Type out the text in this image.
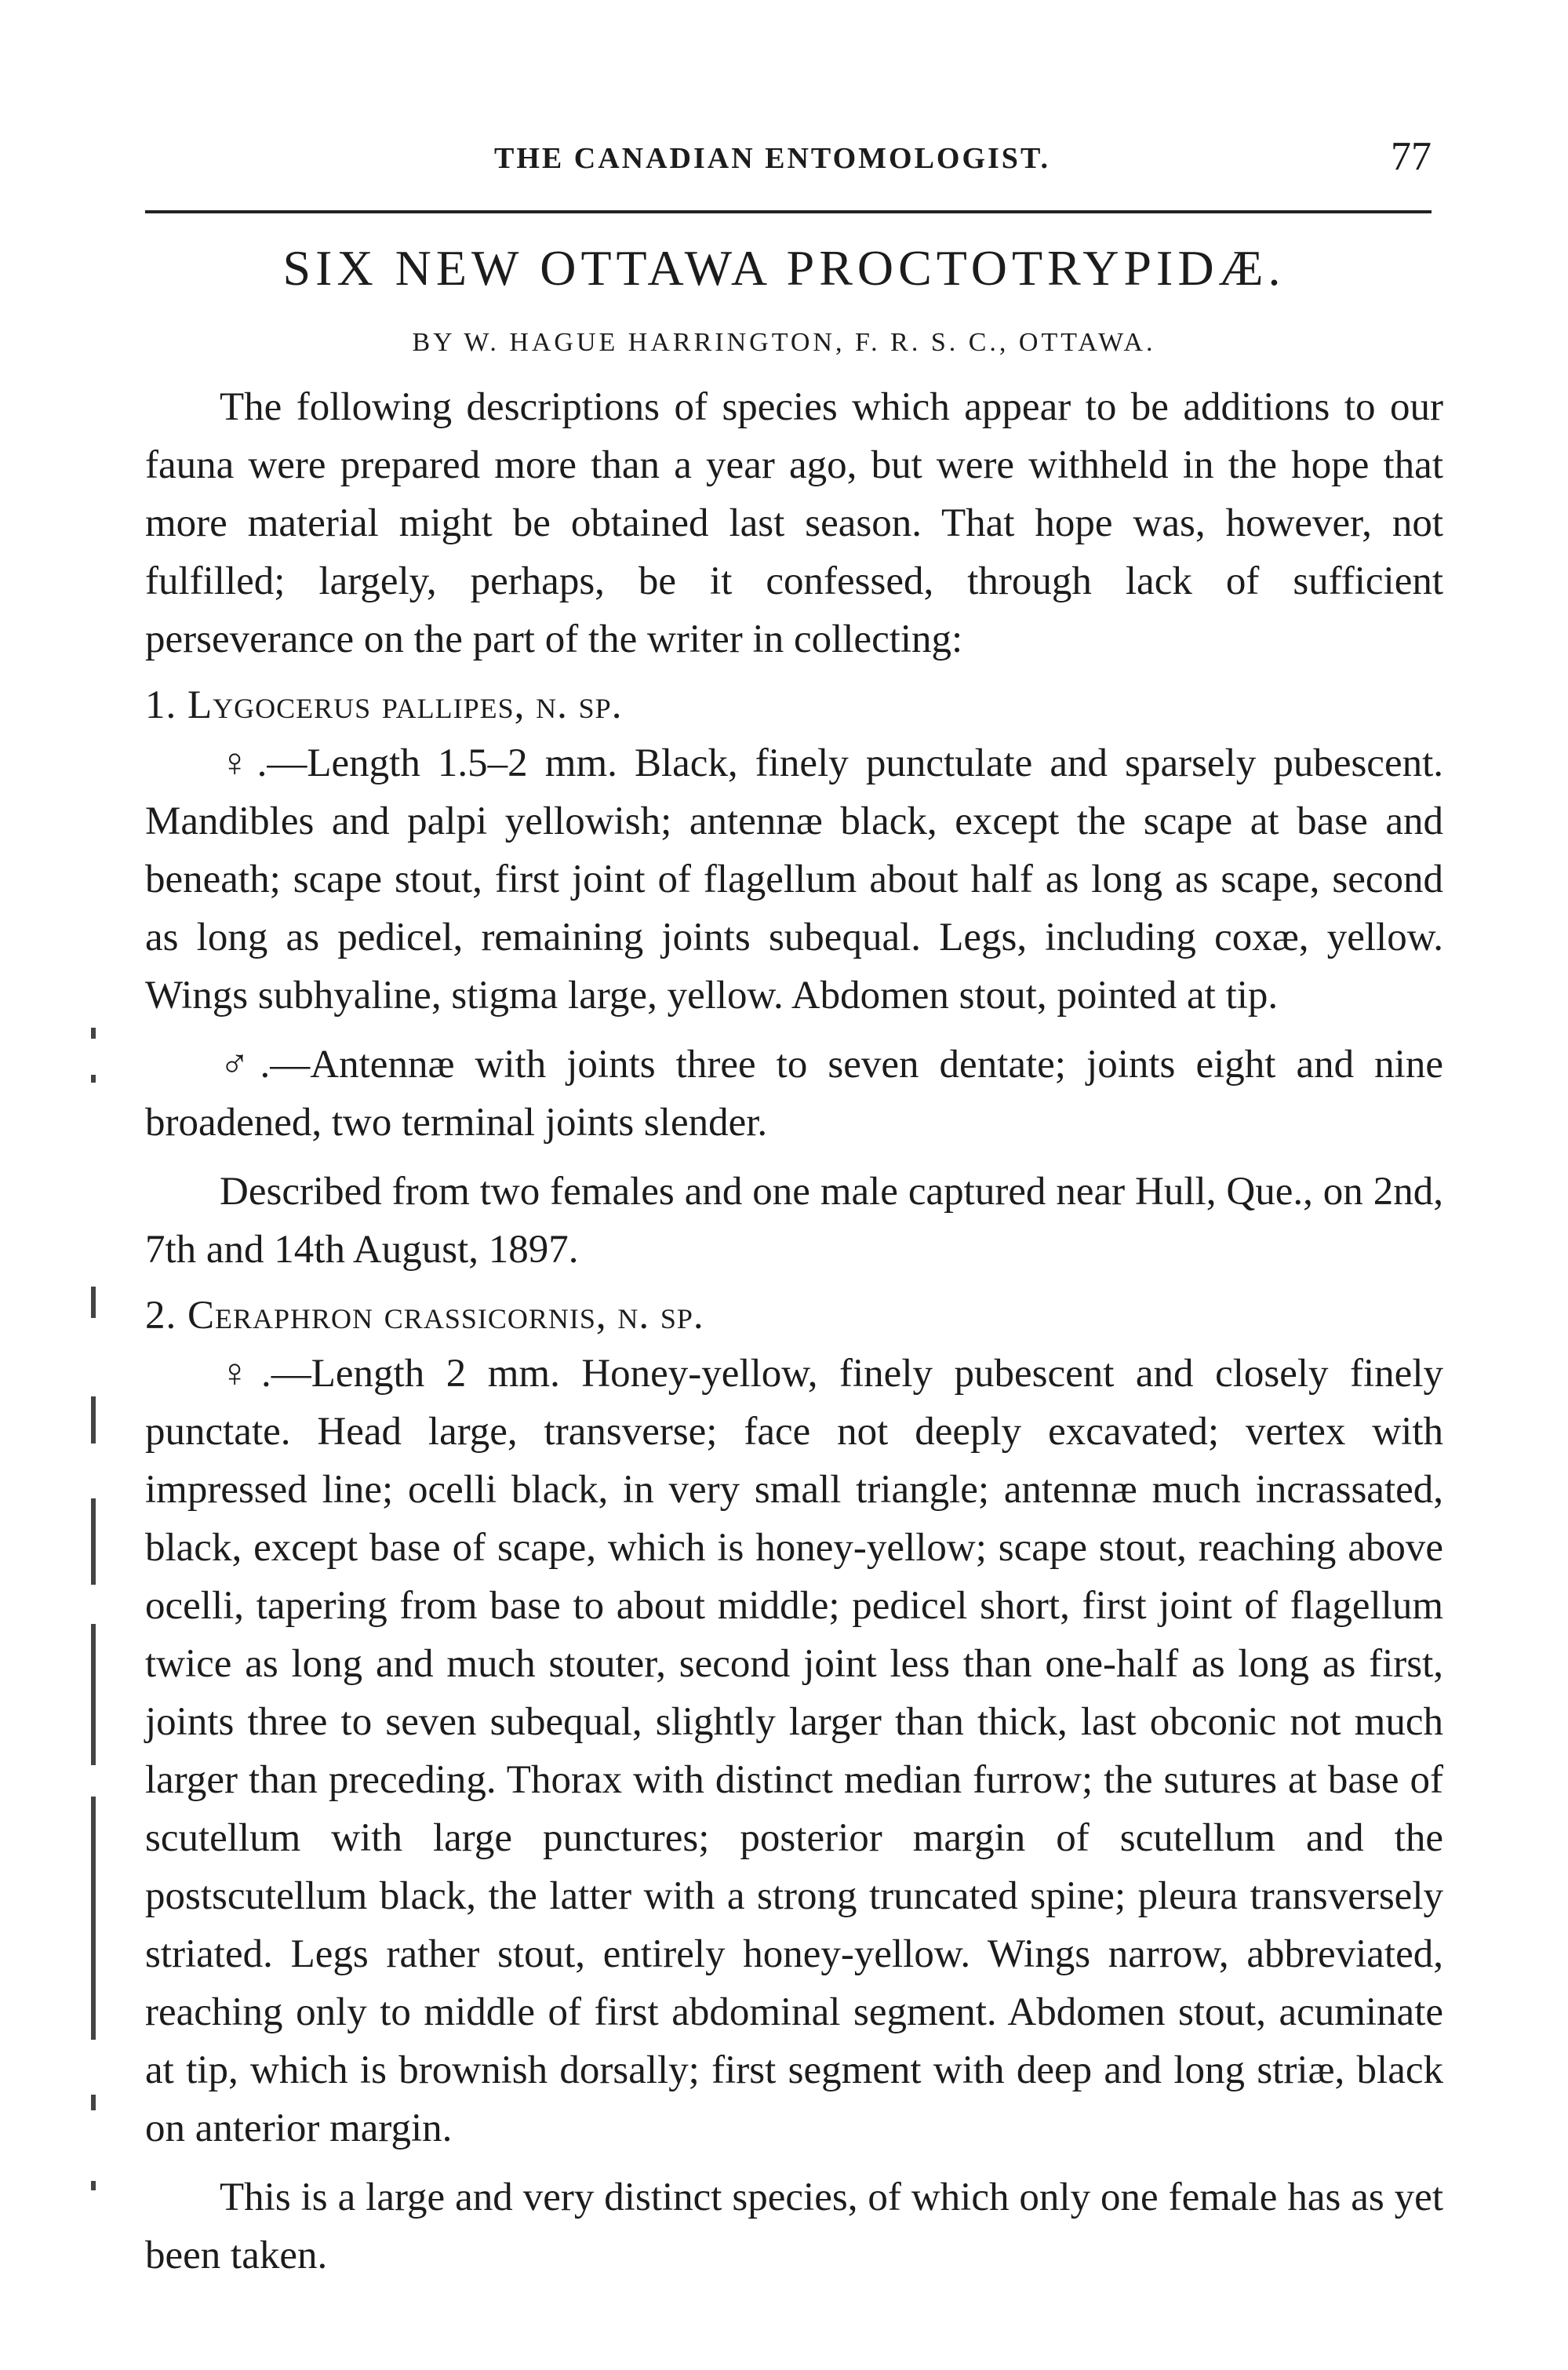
THE CANADIAN ENTOMOLOGIST.	77
SIX NEW OTTAWA PROCTOTRYPIDÆ.
BY W. HAGUE HARRINGTON, F. R. S. C., OTTAWA.

The following descriptions of species which appear to be additions to our fauna were prepared more than a year ago, but were withheld in the hope that more material might be obtained last season. That hope was, however, not fulfilled; largely, perhaps, be it confessed, through lack of sufficient perseverance on the part of the writer in collecting:

1. Lygocerus pallipes, n. sp.

♀.—Length 1.5–2 mm. Black, finely punctulate and sparsely pubescent. Mandibles and palpi yellowish; antennæ black, except the scape at base and beneath; scape stout, first joint of flagellum about half as long as scape, second as long as pedicel, remaining joints subequal. Legs, including coxæ, yellow. Wings subhyaline, stigma large, yellow. Abdomen stout, pointed at tip.

♂.—Antennæ with joints three to seven dentate; joints eight and nine broadened, two terminal joints slender.

Described from two females and one male captured near Hull, Que., on 2nd, 7th and 14th August, 1897.

2. Ceraphron crassicornis, n. sp.

♀.—Length 2 mm. Honey-yellow, finely pubescent and closely finely punctate. Head large, transverse; face not deeply excavated; vertex with impressed line; ocelli black, in very small triangle; antennæ much incrassated, black, except base of scape, which is honey-yellow; scape stout, reaching above ocelli, tapering from base to about middle; pedicel short, first joint of flagellum twice as long and much stouter, second joint less than one-half as long as first, joints three to seven subequal, slightly larger than thick, last obconic not much larger than preceding. Thorax with distinct median furrow; the sutures at base of scutellum with large punctures; posterior margin of scutellum and the postscutellum black, the latter with a strong truncated spine; pleura transversely striated. Legs rather stout, entirely honey-yellow. Wings narrow, abbreviated, reaching only to middle of first abdominal segment. Abdomen stout, acuminate at tip, which is brownish dorsally; first segment with deep and long striæ, black on anterior margin.

This is a large and very distinct species, of which only one female has as yet been taken.
